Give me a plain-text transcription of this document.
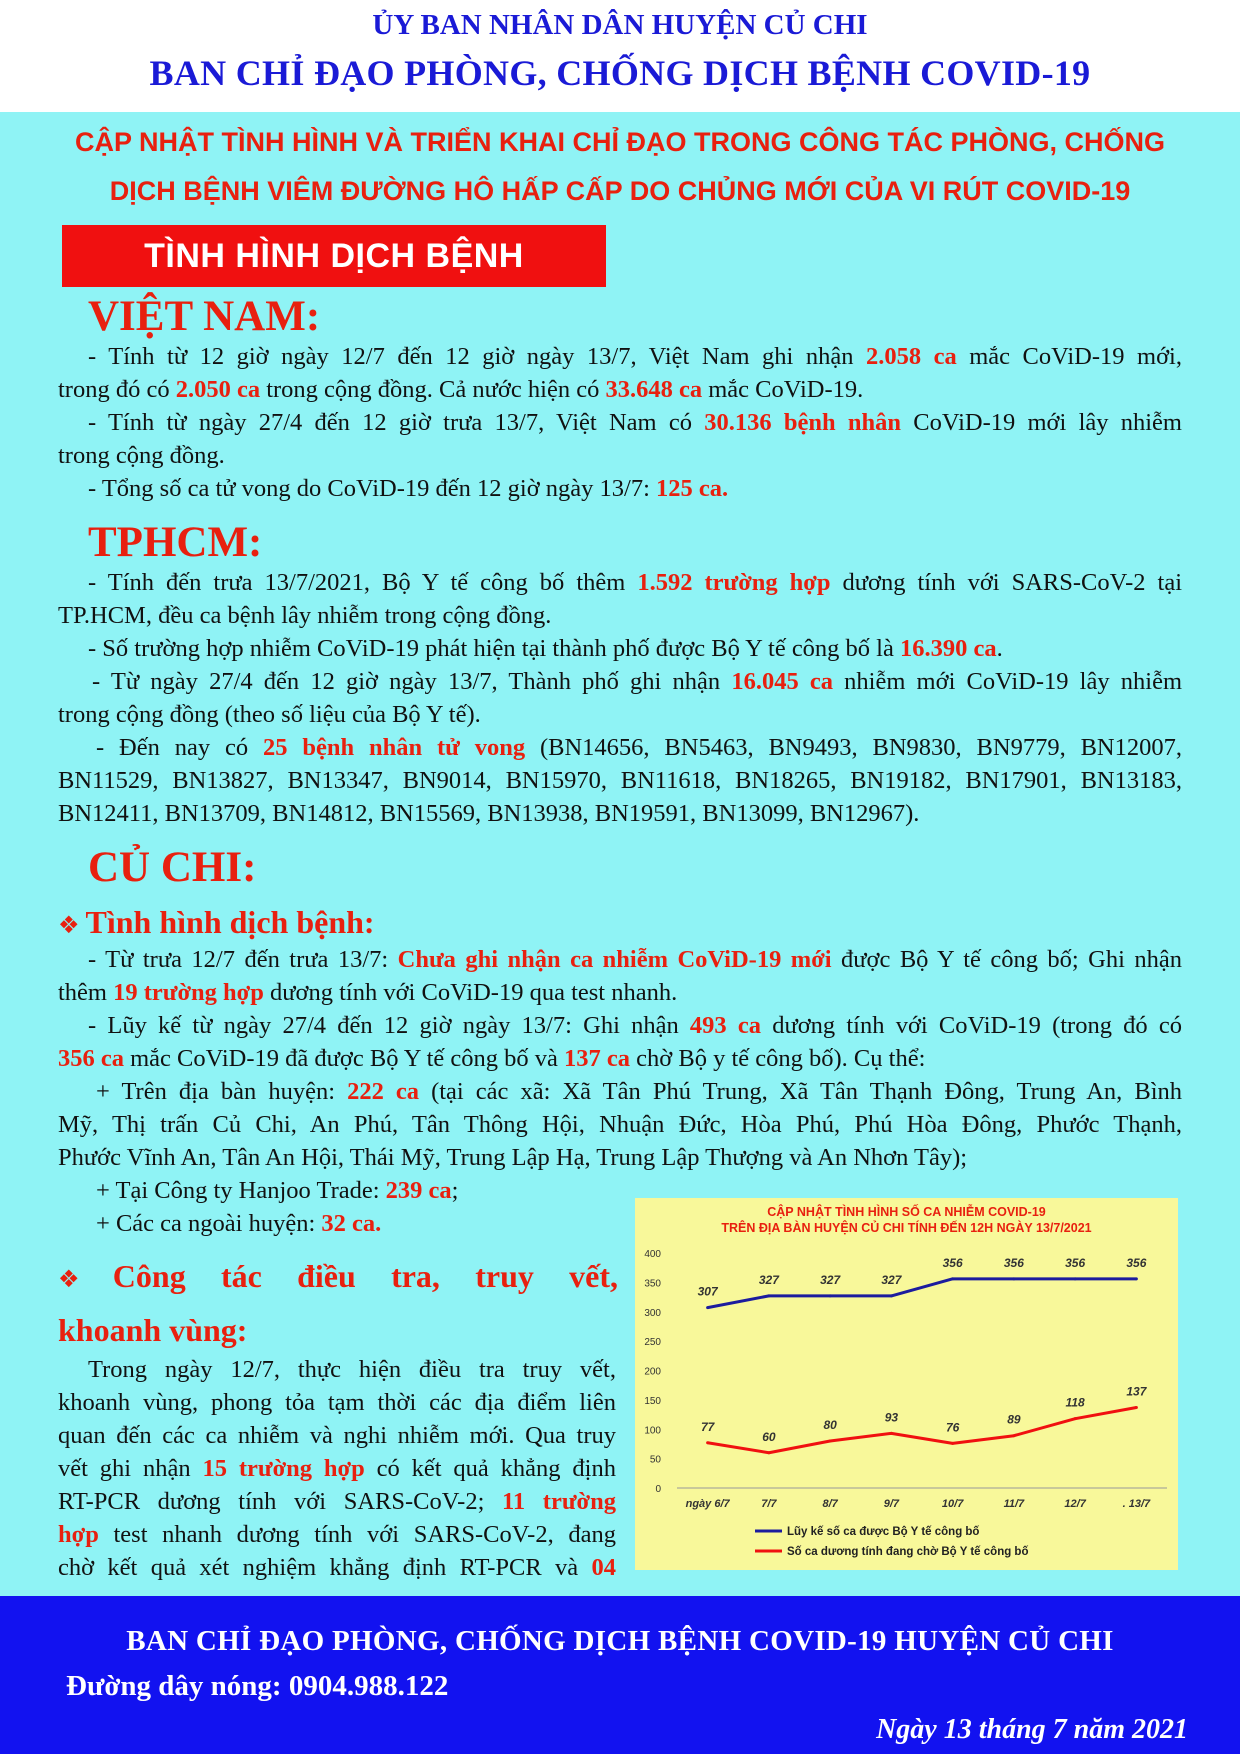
ỦY BAN NHÂN DÂN HUYỆN CỦ CHI
BAN CHỈ ĐẠO PHÒNG, CHỐNG DỊCH BỆNH COVID-19
CẬP NHẬT TÌNH HÌNH VÀ TRIỂN KHAI CHỈ ĐẠO TRONG CÔNG TÁC PHÒNG, CHỐNG
DỊCH BỆNH VIÊM ĐƯỜNG HÔ HẤP CẤP DO CHỦNG MỚI CỦA VI RÚT COVID-19
TÌNH HÌNH DỊCH BỆNH
VIỆT NAM:
- Tính từ 12 giờ ngày 12/7 đến 12 giờ ngày 13/7, Việt Nam ghi nhận 2.058 ca mắc CoViD-19 mới,
trong đó có 2.050 ca trong cộng đồng. Cả nước hiện có 33.648 ca mắc CoViD-19.
- Tính từ ngày 27/4 đến 12 giờ trưa 13/7, Việt Nam có 30.136 bệnh nhân CoViD-19 mới lây nhiễm
trong cộng đồng.
- Tổng số ca tử vong do CoViD-19 đến 12 giờ ngày 13/7: 125 ca.
TPHCM:
- Tính đến trưa 13/7/2021, Bộ Y tế công bố thêm 1.592 trường hợp dương tính với SARS-CoV-2 tại
TP.HCM, đều ca bệnh lây nhiễm trong cộng đồng.
- Số trường hợp nhiễm CoViD-19 phát hiện tại thành phố được Bộ Y tế công bố là 16.390 ca.
- Từ ngày 27/4 đến 12 giờ ngày 13/7, Thành phố ghi nhận 16.045 ca nhiễm mới CoViD-19 lây nhiễm
trong cộng đồng (theo số liệu của Bộ Y tế).
- Đến nay có 25 bệnh nhân tử vong (BN14656, BN5463, BN9493, BN9830, BN9779, BN12007,
BN11529, BN13827, BN13347, BN9014, BN15970, BN11618, BN18265, BN19182, BN17901, BN13183,
BN12411, BN13709, BN14812, BN15569, BN13938, BN19591, BN13099, BN12967).
CỦ CHI:
❖ Tình hình dịch bệnh:
- Từ trưa 12/7 đến trưa 13/7: Chưa ghi nhận ca nhiễm CoViD-19 mới được Bộ Y tế công bố; Ghi nhận
thêm 19 trường hợp dương tính với CoViD-19 qua test nhanh.
- Lũy kế từ ngày 27/4 đến 12 giờ ngày 13/7: Ghi nhận 493 ca dương tính với CoViD-19 (trong đó có
356 ca mắc CoViD-19 đã được Bộ Y tế công bố và 137 ca chờ Bộ y tế công bố). Cụ thể:
+ Trên địa bàn huyện: 222 ca (tại các xã: Xã Tân Phú Trung, Xã Tân Thạnh Đông, Trung An, Bình
Mỹ, Thị trấn Củ Chi, An Phú, Tân Thông Hội, Nhuận Đức, Hòa Phú, Phú Hòa Đông, Phước Thạnh,
Phước Vĩnh An, Tân An Hội, Thái Mỹ, Trung Lập Hạ, Trung Lập Thượng và An Nhơn Tây);
+ Tại Công ty Hanjoo Trade: 239 ca;
+ Các ca ngoài huyện: 32 ca.
❖ Công tác điều tra, truy vết,
khoanh vùng:
Trong ngày 12/7, thực hiện điều tra truy vết,
khoanh vùng, phong tỏa tạm thời các địa điểm liên
quan đến các ca nhiễm và nghi nhiễm mới. Qua truy
vết ghi nhận 15 trường hợp có kết quả khẳng định
RT-PCR dương tính với SARS-CoV-2; 11 trường
hợp test nhanh dương tính với SARS-CoV-2, đang
chờ kết quả xét nghiệm khẳng định RT-PCR và 04
CẬP NHẬT TÌNH HÌNH SỐ CA NHIỄM COVID-19
TRÊN ĐỊA BÀN HUYỆN CỦ CHI TÍNH ĐẾN 12H NGÀY 13/7/2021
0
50
100
150
200
250
300
350
400
ngày 6/7	7/7	8/7	9/7	10/7	11/7	12/7	. 13/7
307
327	327	327
356	356	356	356
Lũy kế số ca được Bộ Y tế công bố
77
60
80
93
76
89
118
137
Số ca dương tính đang chờ Bộ Y tế công bố
BAN CHỈ ĐẠO PHÒNG, CHỐNG DỊCH BỆNH COVID-19 HUYỆN CỦ CHI
Đường dây nóng: 0904.988.122
Ngày 13 tháng 7 năm 2021
